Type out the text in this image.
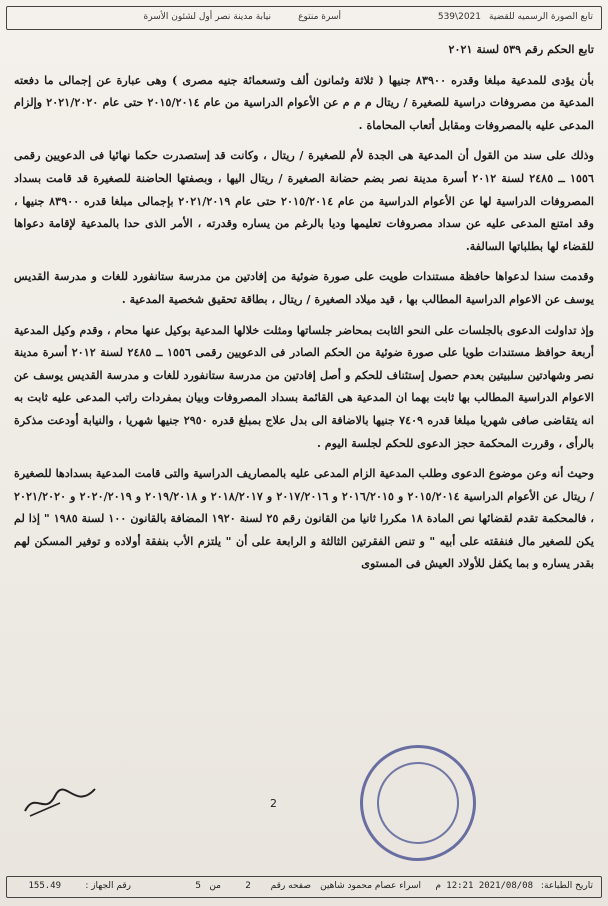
تابع الصورة الرسميه للقضية
2021\539
أسرة منتوع
نيابة مدينة نصر أول لشئون الأسرة

تابع الحكم رقم ٥٣٩ لسنة ٢٠٢١

بأن يؤدى للمدعية مبلغا وقدره ٨٣٩٠٠ جنيها ( ثلاثة وثمانون ألف وتسعمائة جنيه مصرى ) وهى عبارة عن إجمالى ما دفعته المدعية من مصروفات دراسية للصغيرة / ريتال م م م عن الأعوام الدراسية من عام ٢٠١٥/٢٠١٤ حتى عام ٢٠٢١/٢٠٢٠ وإلزام المدعى عليه بالمصروفات ومقابل أتعاب المحاماة .

وذلك على سند من القول أن المدعية هى الجدة لأم للصغيرة / ريتال ، وكانت قد إستصدرت حكما نهائيا فى الدعويين رقمى ١٥٥٦ ــ ٢٤٨٥ لسنة ٢٠١٢ أسرة مدينة نصر بضم حضانة الصغيرة / ريتال اليها ، وبصفتها الحاضنة للصغيرة قد قامت بسداد المصروفات الدراسية لها عن الأعوام الدراسية من عام ٢٠١٥/٢٠١٤ حتى عام ٢٠٢١/٢٠١٩ بإجمالى مبلغا قدره ٨٣٩٠٠ جنيها ، وقد امتنع المدعى عليه عن سداد مصروفات تعليمها وديا بالرغم من يساره وقدرته ، الأمر الذى حدا بالمدعية لإقامة دعواها للقضاء لها بطلباتها السالفة.

وقدمت سندا لدعواها حافظة مستندات طويت على صورة ضوئية من إفادتين من مدرسة ستانفورد للغات و مدرسة القديس يوسف عن الاعوام الدراسية المطالب بها ، قيد ميلاد الصغيرة / ريتال ، بطاقة تحقيق شخصية المدعية .

وإذ تداولت الدعوى بالجلسات على النحو الثابت بمحاضر جلساتها ومثلت خلالها المدعية بوكيل عنها محام ، وقدم وكيل المدعية أربعة حوافظ مستندات طويا على صورة ضوئية من الحكم الصادر فى الدعويين رقمى ١٥٥٦ ــ ٢٤٨٥ لسنة ٢٠١٢ أسرة مدينة نصر وشهادتين سلبيتين بعدم حصول إستئناف للحكم و أصل إفادتين من مدرسة ستانفورد للغات و مدرسة القديس يوسف عن الاعوام الدراسية المطالب بها ثابت بهما ان المدعية هى القائمة بسداد المصروفات وبيان بمفردات راتب المدعى عليه ثابت به انه يتقاضى صافى شهريا مبلغا قدره ٧٤٠٩ جنيها بالاضافة الى بدل علاج بمبلغ قدره ٢٩٥٠ جنيها شهريا ، والنيابة أودعت مذكرة بالرأى ، وقررت المحكمة حجز الدعوى للحكم لجلسة اليوم .

وحيث أنه وعن موضوع الدعوى وطلب المدعية الزام المدعى عليه بالمصاريف الدراسية والتى قامت المدعية بسدادها للصغيرة / ريتال عن الأعوام الدراسية ٢٠١٥/٢٠١٤ و ٢٠١٦/٢٠١٥ و ٢٠١٧/٢٠١٦ و ٢٠١٨/٢٠١٧ و ٢٠١٩/٢٠١٨ و ٢٠٢٠/٢٠١٩ و ٢٠٢١/٢٠٢٠ ، فالمحكمة تقدم لقضائها نص المادة ١٨ مكررا ثانيا من القانون رقم ٢٥ لسنة ١٩٢٠ المضافة بالقانون ١٠٠ لسنة ١٩٨٥ " إذا لم يكن للصغير مال فنفقته على أبيه " و تنص الفقرتين الثالثة و الرابعة على أن " يلتزم الأب بنفقة أولاده و توفير المسكن لهم بقدر يساره و بما يكفل للأولاد العيش فى المستوى

2
تاريخ الطباعة:
2021/08/08 12:21 م
اسراء عصام محمود شاهين
صفحه رقم
2
من
5
رقم الجهاز :
155.49
